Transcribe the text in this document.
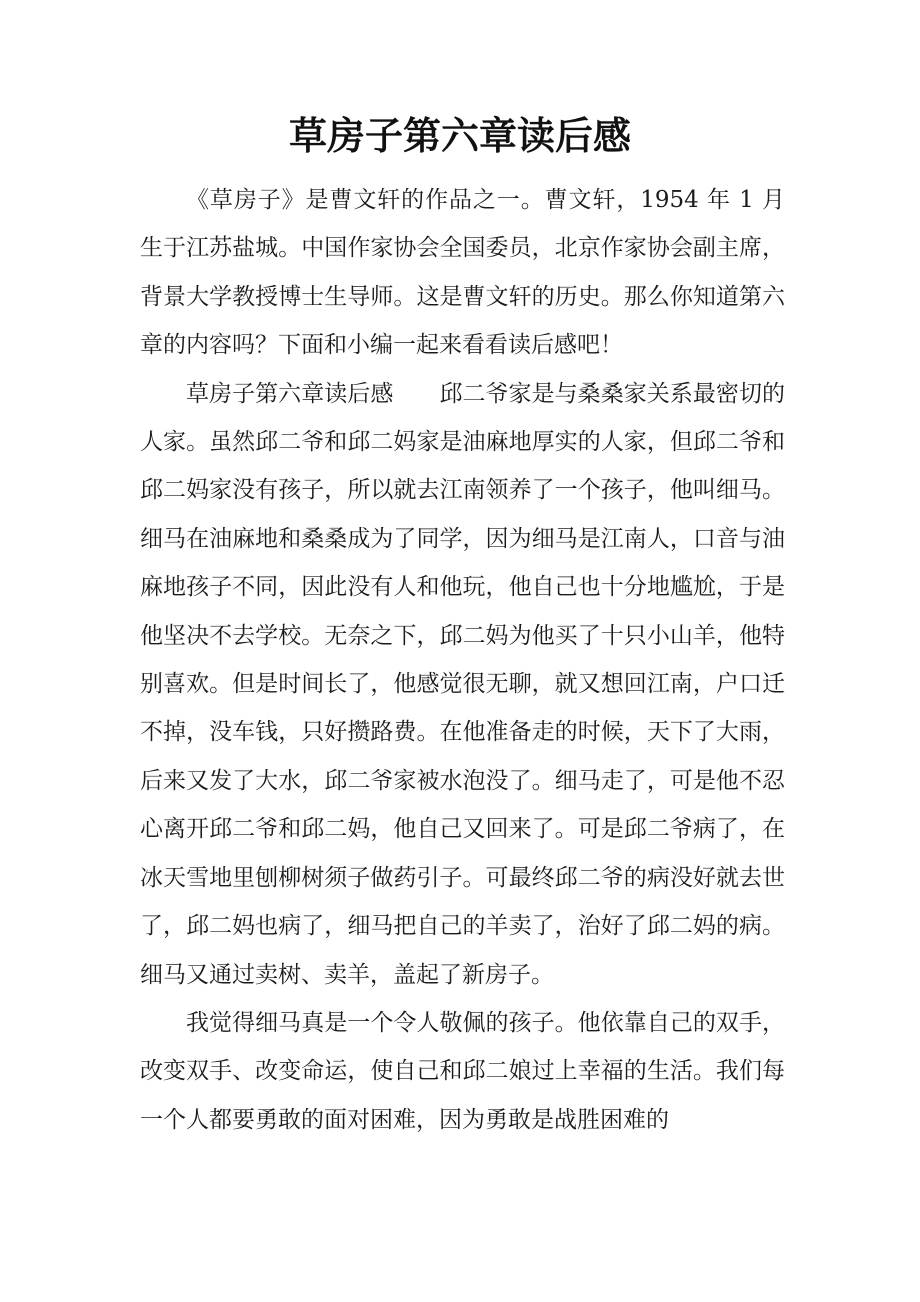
草房子第六章读后感

《草房子》是曹文轩的作品之一。曹文轩，1954 年 1 月生于江苏盐城。中国作家协会全国委员，北京作家协会副主席，背景大学教授博士生导师。这是曹文轩的历史。那么你知道第六章的内容吗？下面和小编一起来看看读后感吧！

草房子第六章读后感　　邱二爷家是与桑桑家关系最密切的人家。虽然邱二爷和邱二妈家是油麻地厚实的人家，但邱二爷和邱二妈家没有孩子，所以就去江南领养了一个孩子，他叫细马。细马在油麻地和桑桑成为了同学，因为细马是江南人，口音与油麻地孩子不同，因此没有人和他玩，他自己也十分地尴尬，于是他坚决不去学校。无奈之下，邱二妈为他买了十只小山羊，他特别喜欢。但是时间长了，他感觉很无聊，就又想回江南，户口迁不掉，没车钱，只好攒路费。在他准备走的时候，天下了大雨，后来又发了大水，邱二爷家被水泡没了。细马走了，可是他不忍心离开邱二爷和邱二妈，他自己又回来了。可是邱二爷病了，在冰天雪地里刨柳树须子做药引子。可最终邱二爷的病没好就去世了，邱二妈也病了，细马把自己的羊卖了，治好了邱二妈的病。细马又通过卖树、卖羊，盖起了新房子。

我觉得细马真是一个令人敬佩的孩子。他依靠自己的双手，改变双手、改变命运，使自己和邱二娘过上幸福的生活。我们每一个人都要勇敢的面对困难，因为勇敢是战胜困难的
